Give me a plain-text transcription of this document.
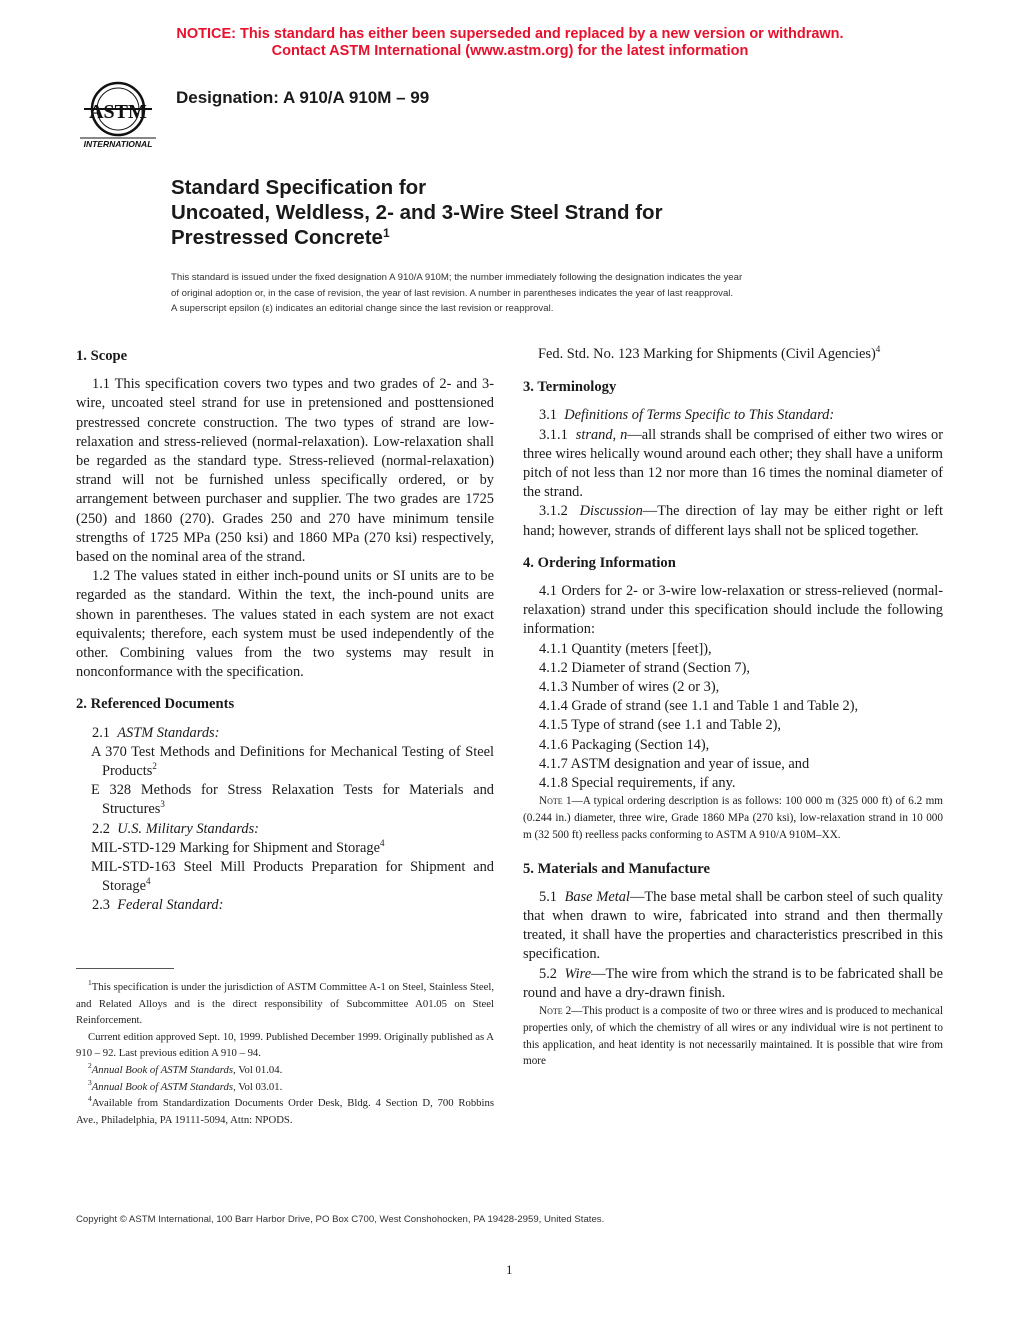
NOTICE: This standard has either been superseded and replaced by a new version or withdrawn.
Contact ASTM International (www.astm.org) for the latest information
ASTM
INTERNATIONAL
Designation: A 910/A 910M – 99
Standard Specification for
Uncoated, Weldless, 2- and 3-Wire Steel Strand for
Prestressed Concrete$^1$
This standard is issued under the fixed designation A 910/A 910M; the number immediately following the designation indicates the year
of original adoption or, in the case of revision, the year of last revision. A number in parentheses indicates the year of last reapproval.
A superscript epsilon (ε) indicates an editorial change since the last revision or reapproval.
1. Scope

1.1 This specification covers two types and two grades of 2- and 3-wire, uncoated steel strand for use in pretensioned and posttensioned prestressed concrete construction. The two types of strand are low-relaxation and stress-relieved (normal-relaxation). Low-relaxation shall be regarded as the standard type. Stress-relieved (normal-relaxation) strand will not be furnished unless specifically ordered, or by arrangement between purchaser and supplier. The two grades are 1725 (250) and 1860 (270). Grades 250 and 270 have minimum tensile strengths of 1725 MPa (250 ksi) and 1860 MPa (270 ksi) respectively, based on the nominal area of the strand.

1.2 The values stated in either inch-pound units or SI units are to be regarded as the standard. Within the text, the inch-pound units are shown in parentheses. The values stated in each system are not exact equivalents; therefore, each system must be used independently of the other. Combining values from the two systems may result in nonconformance with the specification.

2. Referenced Documents
2.1 ASTM Standards:
A 370 Test Methods and Definitions for Mechanical Testing of Steel Products$^2$
E 328 Methods for Stress Relaxation Tests for Materials and Structures$^3$
2.2 U.S. Military Standards:
MIL-STD-129 Marking for Shipment and Storage$^4$
MIL-STD-163 Steel Mill Products Preparation for Shipment and Storage$^4$
2.3 Federal Standard:
Fed. Std. No. 123 Marking for Shipments (Civil Agencies)$^4$
3. Terminology
3.1 Definitions of Terms Specific to This Standard:

3.1.1 strand, n—all strands shall be comprised of either two wires or three wires helically wound around each other; they shall have a uniform pitch of not less than 12 nor more than 16 times the nominal diameter of the strand.

3.1.2 Discussion—The direction of lay may be either right or left hand; however, strands of different lays shall not be spliced together.

4. Ordering Information

4.1 Orders for 2- or 3-wire low-relaxation or stress-relieved (normal-relaxation) strand under this specification should include the following information:

4.1.1 Quantity (meters [feet]),
4.1.2 Diameter of strand (Section 7),
4.1.3 Number of wires (2 or 3),
4.1.4 Grade of strand (see 1.1 and Table 1 and Table 2),
4.1.5 Type of strand (see 1.1 and Table 2),
4.1.6 Packaging (Section 14),
4.1.7 ASTM designation and year of issue, and
4.1.8 Special requirements, if any.

Note 1—A typical ordering description is as follows: 100 000 m (325 000 ft) of 6.2 mm (0.244 in.) diameter, three wire, Grade 1860 MPa (270 ksi), low-relaxation strand in 10 000 m (32 500 ft) reelless packs conforming to ASTM A 910/A 910M–XX.

5. Materials and Manufacture

5.1 Base Metal—The base metal shall be carbon steel of such quality that when drawn to wire, fabricated into strand and then thermally treated, it shall have the properties and characteristics prescribed in this specification.

5.2 Wire—The wire from which the strand is to be fabricated shall be round and have a dry-drawn finish.

Note 2—This product is a composite of two or three wires and is produced to mechanical properties only, of which the chemistry of all wires or any individual wire is not pertinent to this application, and heat identity is not necessarily maintained. It is possible that wire from more

$^1$This specification is under the jurisdiction of ASTM Committee A-1 on Steel, Stainless Steel, and Related Alloys and is the direct responsibility of Subcommittee A01.05 on Steel Reinforcement.

Current edition approved Sept. 10, 1999. Published December 1999. Originally published as A 910 – 92. Last previous edition A 910 – 94.

$^2$Annual Book of ASTM Standards, Vol 01.04.

$^3$Annual Book of ASTM Standards, Vol 03.01.

$^4$Available from Standardization Documents Order Desk, Bldg. 4 Section D, 700 Robbins Ave., Philadelphia, PA 19111-5094, Attn: NPODS.

Copyright © ASTM International, 100 Barr Harbor Drive, PO Box C700, West Conshohocken, PA 19428-2959, United States.
1
